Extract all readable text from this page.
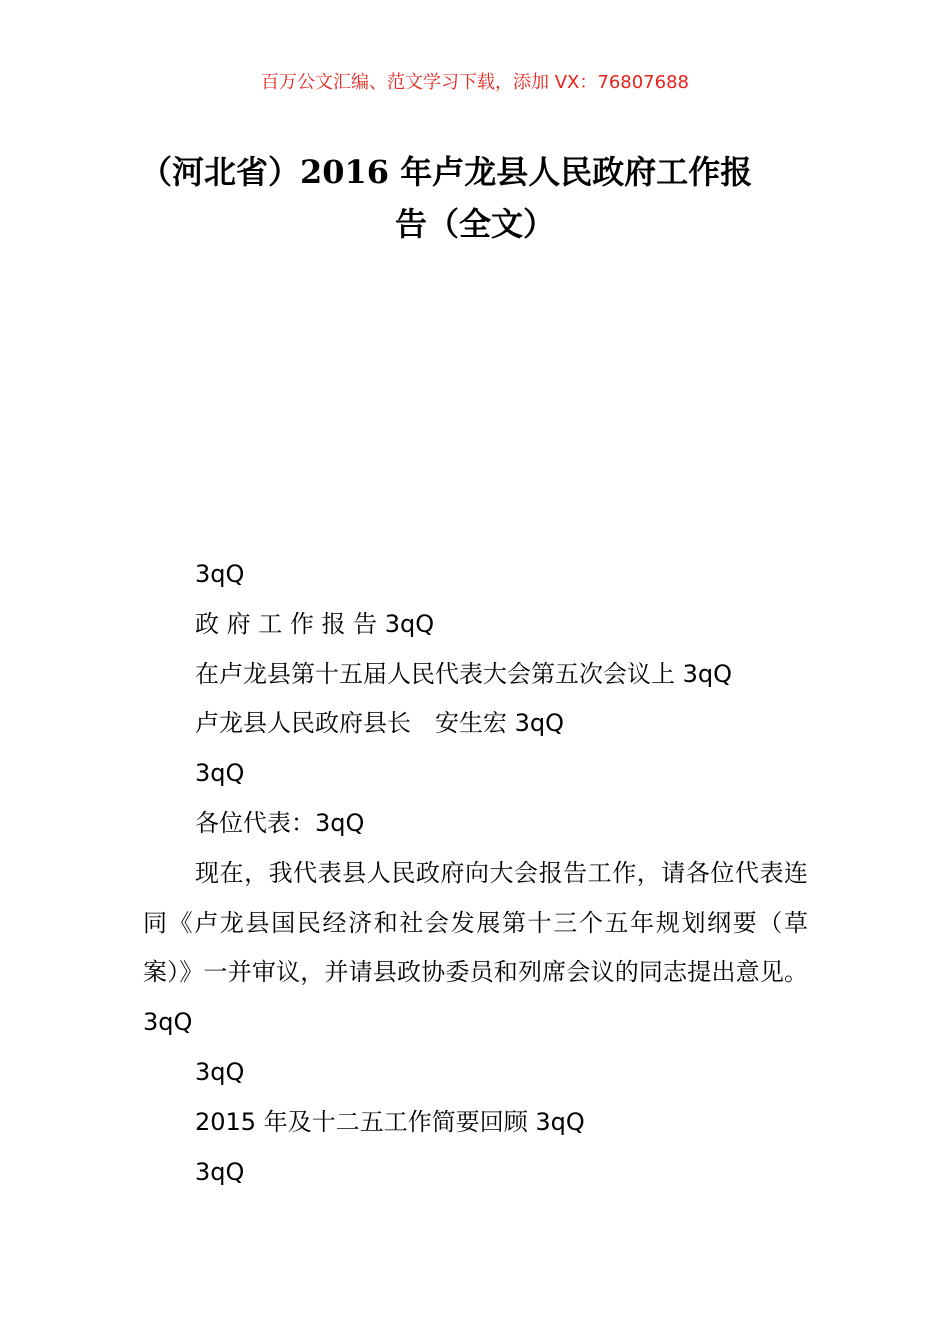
百万公文汇编、范文学习下载，添加 VX：76807688
（河北省）2016 年卢龙县人民政府工作报
告（全文）

3qQ

政 府 工 作 报 告 3qQ

在卢龙县第十五届人民代表大会第五次会议上 3qQ

卢龙县人民政府县长　安生宏 3qQ

3qQ

各位代表：3qQ

现在，我代表县人民政府向大会报告工作，请各位代表连同《卢龙县国民经济和社会发展第十三个五年规划纲要（草案）》一并审议，并请县政协委员和列席会议的同志提出意见。3qQ

3qQ

2015 年及十二五工作简要回顾 3qQ

3qQ
